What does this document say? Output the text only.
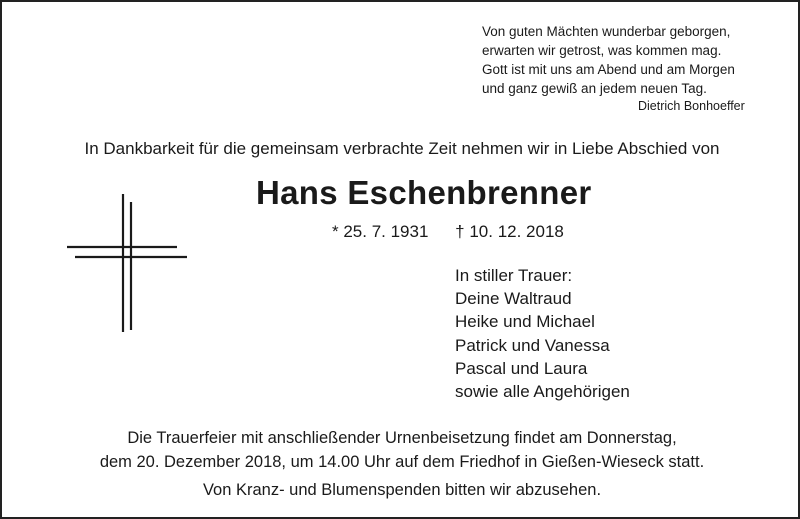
Von guten Mächten wunderbar geborgen,
erwarten wir getrost, was kommen mag.
Gott ist mit uns am Abend und am Morgen
und ganz gewiß an jedem neuen Tag.
Dietrich Bonhoeffer
In Dankbarkeit für die gemeinsam verbrachte Zeit nehmen wir in Liebe Abschied von
Hans Eschenbrenner
* 25. 7. 1931 † 10. 12. 2018
In stiller Trauer:
Deine Waltraud
Heike und Michael
Patrick und Vanessa
Pascal und Laura
sowie alle Angehörigen
Die Trauerfeier mit anschließender Urnenbeisetzung findet am Donnerstag,
dem 20. Dezember 2018, um 14.00 Uhr auf dem Friedhof in Gießen-Wieseck statt.
Von Kranz- und Blumenspenden bitten wir abzusehen.
